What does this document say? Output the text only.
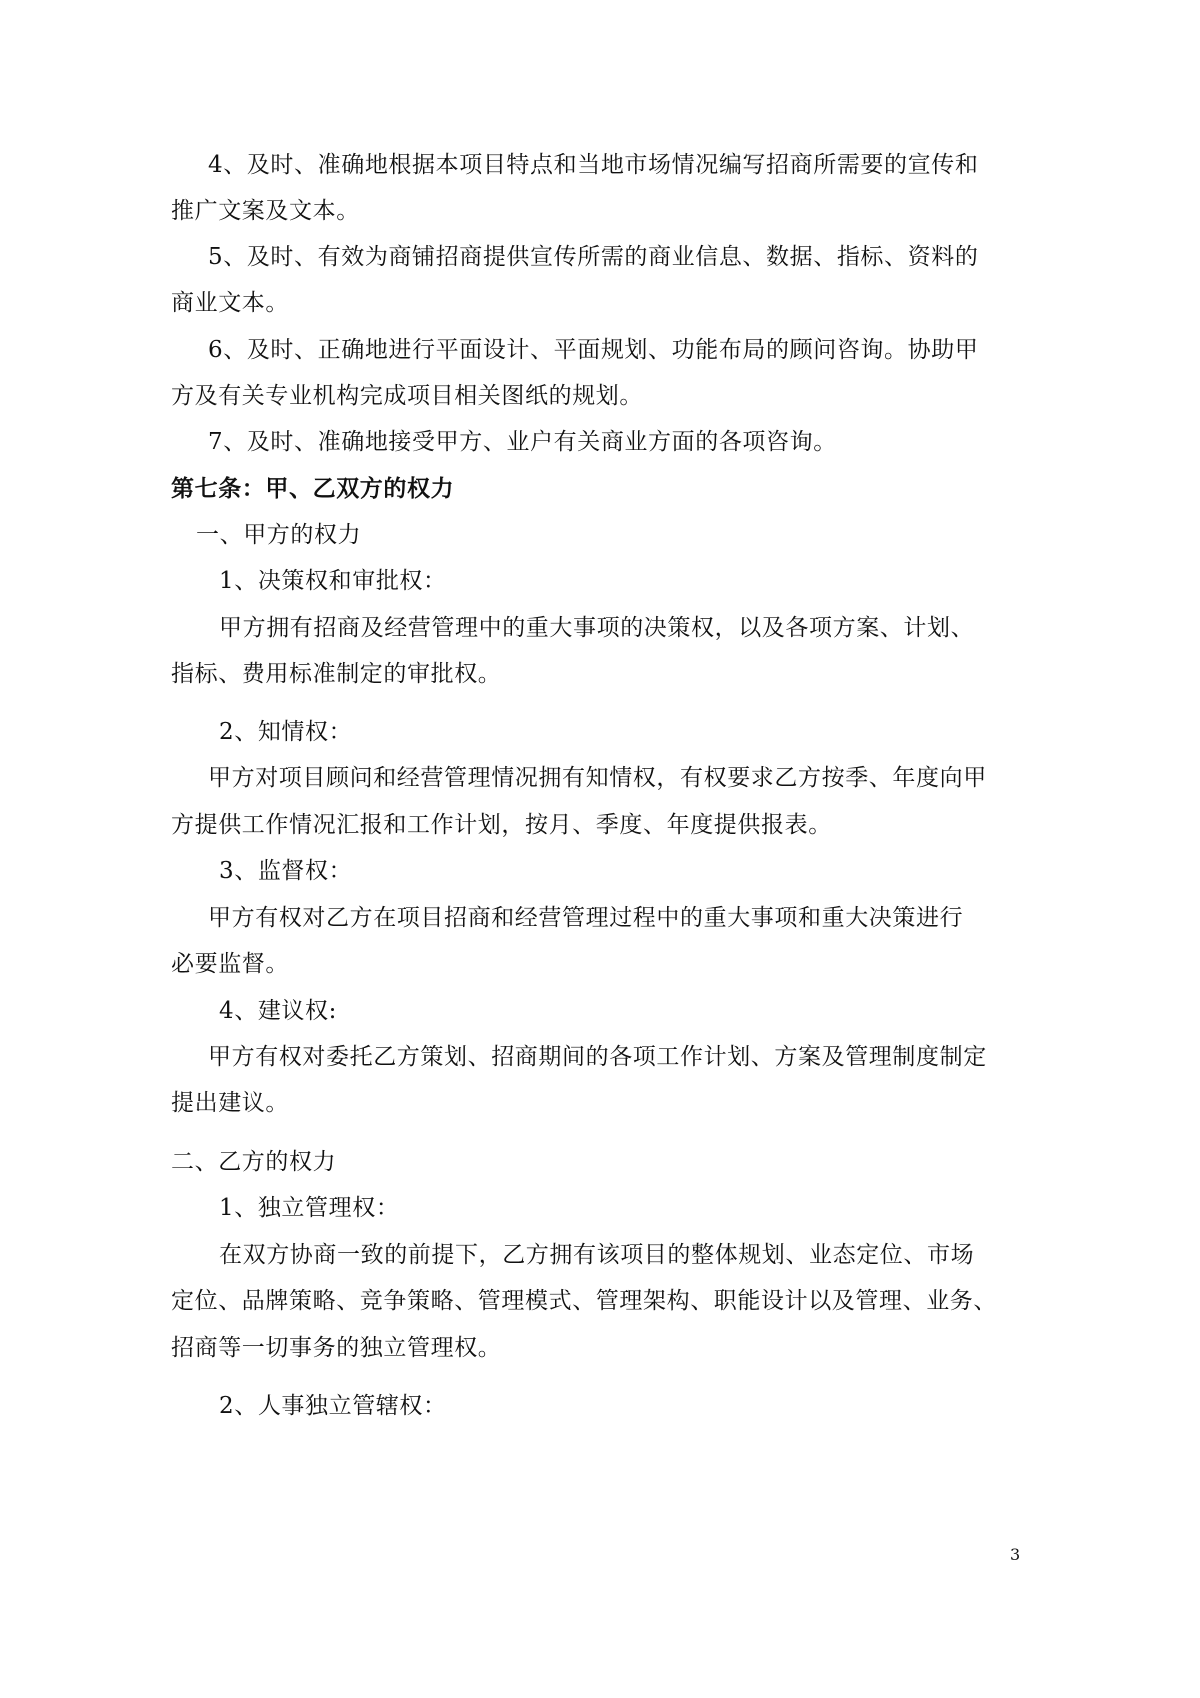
4、及时、准确地根据本项目特点和当地市场情况编写招商所需要的宣传和
推广文案及文本。
5、及时、有效为商铺招商提供宣传所需的商业信息、数据、指标、资料的
商业文本。
6、及时、正确地进行平面设计、平面规划、功能布局的顾问咨询。协助甲
方及有关专业机构完成项目相关图纸的规划。
7、及时、准确地接受甲方、业户有关商业方面的各项咨询。
第七条：甲、乙双方的权力
一、甲方的权力
1、决策权和审批权：
甲方拥有招商及经营管理中的重大事项的决策权，以及各项方案、计划、
指标、费用标准制定的审批权。
2、知情权：
甲方对项目顾问和经营管理情况拥有知情权，有权要求乙方按季、年度向甲
方提供工作情况汇报和工作计划，按月、季度、年度提供报表。
3、监督权：
甲方有权对乙方在项目招商和经营管理过程中的重大事项和重大决策进行
必要监督。
4、建议权:
甲方有权对委托乙方策划、招商期间的各项工作计划、方案及管理制度制定
提出建议。
二、乙方的权力
1、独立管理权：
在双方协商一致的前提下，乙方拥有该项目的整体规划、业态定位、市场
定位、品牌策略、竞争策略、管理模式、管理架构、职能设计以及管理、业务、
招商等一切事务的独立管理权。
2、人事独立管辖权：
3
